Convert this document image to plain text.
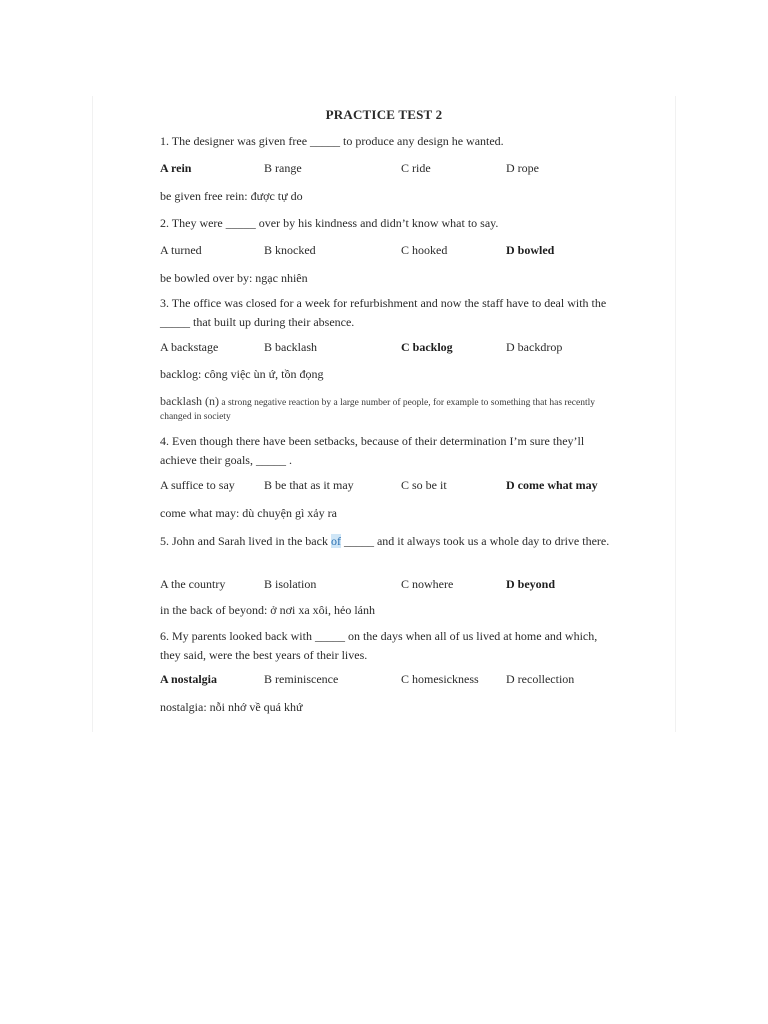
PRACTICE TEST 2
1. The designer was given free _____ to produce any design he wanted.
A rein	B range	C ride	D rope
be given free rein: được tự do
2. They were _____ over by his kindness and didn’t know what to say.
A turned	B knocked	C hooked	D bowled
be bowled over by: ngạc nhiên
3. The office was closed for a week for refurbishment and now the staff have to deal with the _____ that built up during their absence.
A backstage	B backlash	C backlog	D backdrop
backlog: công việc ùn ứ, tồn đọng
backlash (n) a strong negative reaction by a large number of people, for example to something that has recently changed in society
4. Even though there have been setbacks, because of their determination I’m sure they’ll achieve their goals, _____ .
A suffice to say B be that as it may	C so be it	D come what may
come what may: dù chuyện gì xảy ra
5. John and Sarah lived in the back of _____ and it always took us a whole day to drive there.
A the country	B isolation	C nowhere	D beyond
in the back of beyond: ở nơi xa xôi, hẻo lánh
6. My parents looked back with _____ on the days when all of us lived at home and which, they said, were the best years of their lives.
A nostalgia	B reminiscence	C homesickness D recollection
nostalgia: nỗi nhớ về quá khứ
